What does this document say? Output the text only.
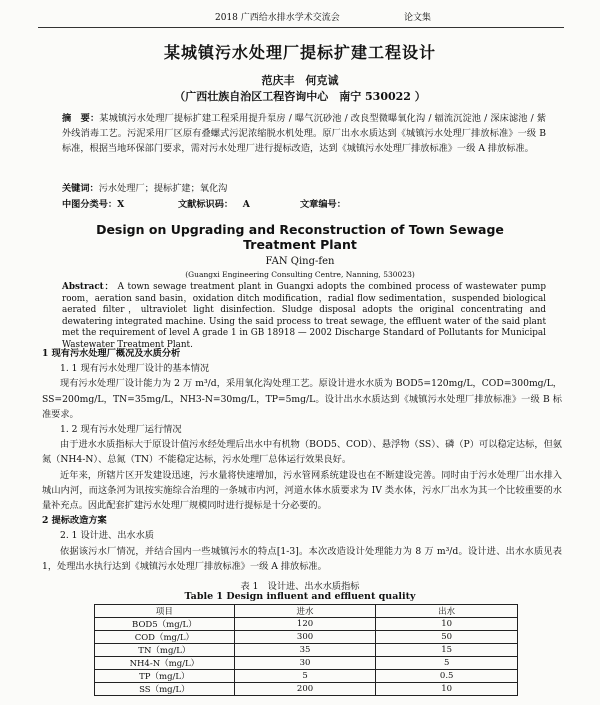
2018 广西给水排水学术交流会	论文集
某城镇污水处理厂提标扩建工程设计
范庆丰　何克诚
（广西壮族自治区工程咨询中心　南宁 530022 ）
摘　要：某城镇污水处理厂提标扩建工程采用提升泵房 / 曝气沉砂池 / 改良型微曝氧化沟 / 辐流沉淀池 / 深床滤池 / 紫外线消毒工艺。污泥采用厂区原有叠螺式污泥浓缩脱水机处理。原厂出水水质达到《城镇污水处理厂排放标准》一级 B 标准，根据当地环保部门要求，需对污水处理厂进行提标改造，达到《城镇污水处理厂排放标准》一级 A 排放标准。
关键词：污水处理厂；提标扩建；氧化沟
中图分类号：X	文献标识码： A	文章编号：
Design on Upgrading and Reconstruction of Town Sewage Treatment Plant
FAN Qing-fen
(Guangxi Engineering Consulting Centre, Nanning, 530023)
Abstract： A town sewage treatment plant in Guangxi adopts the combined process of wastewater pump room，aeration sand basin，oxidation ditch modification，radial flow sedimentation，suspended biological aerated filter，ultraviolet light disinfection. Sludge disposal adopts the original concentrating and dewatering integrated machine. Using the said process to treat sewage, the effluent water of the said plant met the requirement of level A grade 1 in GB 18918 — 2002 Discharge Standard of Pollutants for Municipal Wastewater Treatment Plant.
1 现有污水处理厂概况及水质分析
1. 1 现有污水处理厂设计的基本情况
现有污水处理厂设计能力为 2 万 m³/d，采用氧化沟处理工艺。原设计进水水质为 BOD5=120mg/L，COD=300mg/L，SS=200mg/L，TN=35mg/L，NH3-N=30mg/L，TP=5mg/L。设计出水水质达到《城镇污水处理厂排放标准》一级 B 标准要求。
1. 2 现有污水处理厂运行情况
由于进水水质指标大于原设计值污水经处理后出水中有机物（BOD5、COD）、悬浮物（SS）、磷（P）可以稳定达标，但氨氮（NH4-N）、总氮（TN）不能稳定达标，污水处理厂总体运行效果良好。
近年来，所辖片区开发建设迅速，污水量将快速增加，污水管网系统建设也在不断建设完善。同时由于污水处理厂出水排入城山内河，而这条河为讯按实施综合治理的一条城市内河，河道水体水质要求为 IV 类水体，污水厂出水为其一个比较重要的水量补充点。因此配套扩建污水处理厂规模同时进行提标是十分必要的。
2 提标改造方案
2. 1 设计进、出水水质
依据该污水厂情况，并结合国内一些城镇污水的特点[1-3]。本次改造设计处理能力为 8 万 m³/d。设计进、出水水质见表 1，处理出水执行达到《城镇污水处理厂排放标准》一级 A 排放标准。
表 1　设计进、出水水质指标
Table 1 Design influent and effluent quality
项目	进水	出水
BOD5（mg/L）	120	10
COD（mg/L）	300	50
TN（mg/L）	35	15
NH4-N（mg/L）	30	5
TP（mg/L）	5	0.5
SS（mg/L）	200	10
